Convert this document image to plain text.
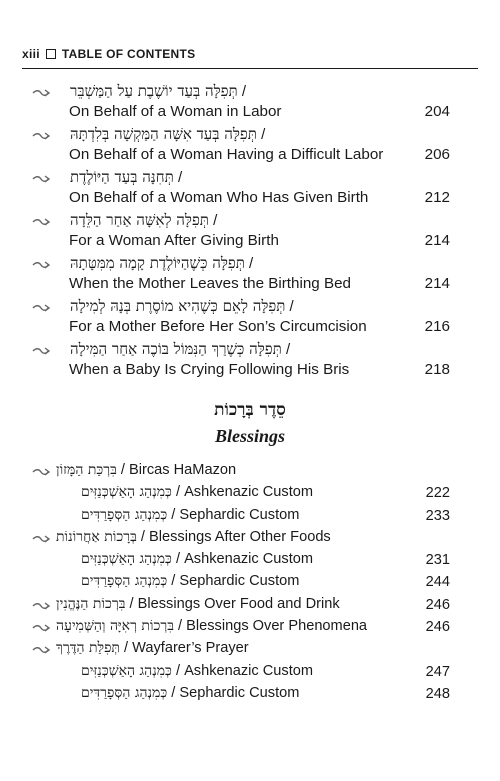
xiii TABLE OF CONTENTS
תְּפִלָּה בְּעַד יוֹשֶׁבֶת עַל הַמַּשְׁבֵּר /
On Behalf of a Woman in Labor	204
תְּפִלָּה בְּעַד אִשָּׁה הַמַּקְשָׁה בְּלִדְתָּהּ /
On Behalf of a Woman Having a Difficult Labor	206
תְּחִנָּה בְּעַד הַיּוֹלֶדֶת /
On Behalf of a Woman Who Has Given Birth	212
תְּפִלָּה לְאִשָּׁה אַחַר הַלֵּדָה /
For a Woman After Giving Birth	214
תְּפִלָּה כְּשֶׁהַיּוֹלֶדֶת קָמָה מִמִּטָּתָהּ /
When the Mother Leaves the Birthing Bed	214
תְּפִלָּה לָאֵם כְּשֶׁהִיא מוֹסֶרֶת בְּנָהּ לְמִילָה /
For a Mother Before Her Son’s Circumcision	216
תְּפִלָּה כְּשֶׁרַךְ הַנִּמּוֹל בּוֹכֶה אַחַר הַמִּילָה /
When a Baby Is Crying Following His Bris	218
סֵדֶר בְּרָכוֹת
Blessings
בִּרְכַּת הַמָּזוֹן / Bircas HaMazon
כְּמִנְהַג הָאַשְׁכְּנַזִּים / Ashkenazic Custom	222
כְּמִנְהַג הַסְּפָרַדִּים / Sephardic Custom	233
בְּרָכוֹת אַחֲרוֹנוֹת / Blessings After Other Foods
כְּמִנְהַג הָאַשְׁכְּנַזִּים / Ashkenazic Custom	231
כְּמִנְהַג הַסְּפָרַדִּים / Sephardic Custom	244
בִּרְכוֹת הַנֶּהֱנִין / Blessings Over Food and Drink	246
בִּרְכוֹת רְאִיָּה וְהַשְּׁמִיעָה / Blessings Over Phenomena	246
תְּפִלַּת הַדֶּרֶךְ / Wayfarer’s Prayer
כְּמִנְהַג הָאַשְׁכְּנַזִּים / Ashkenazic Custom	247
כְּמִנְהַג הַסְּפָרַדִּים / Sephardic Custom	248
